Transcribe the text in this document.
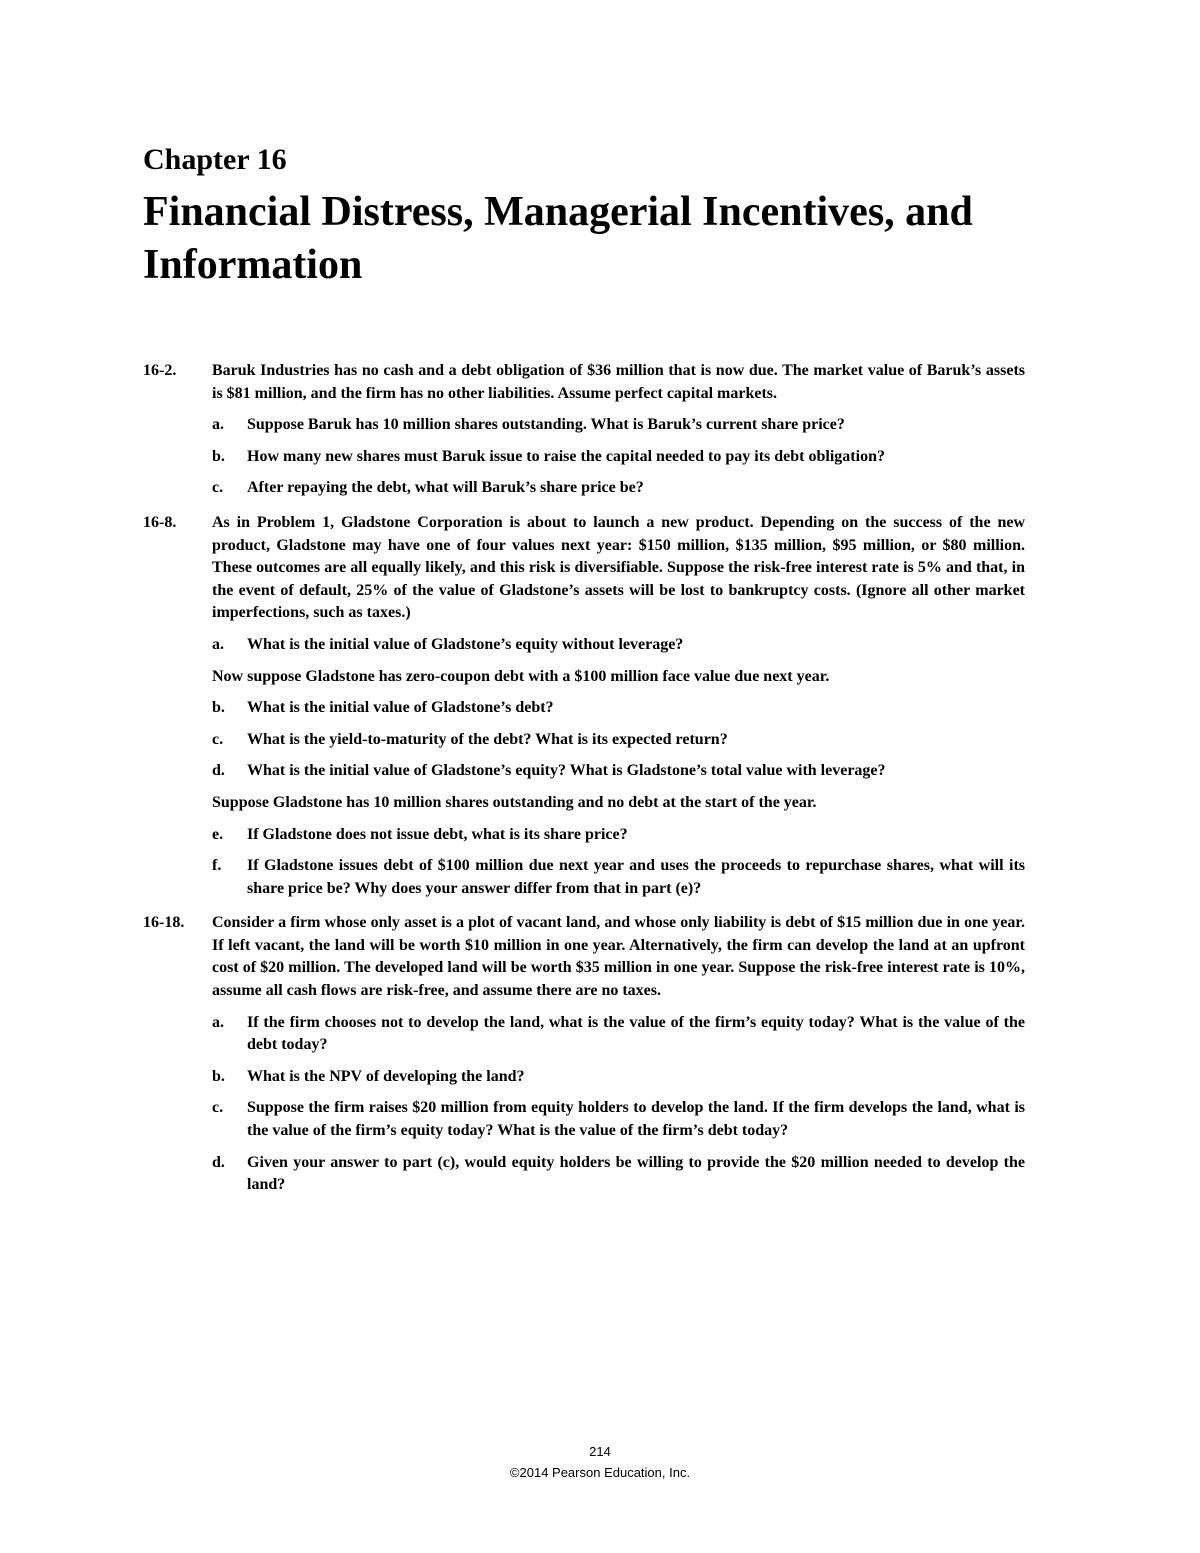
Chapter 16
Financial Distress, Managerial Incentives, and Information
16-2.	Baruk Industries has no cash and a debt obligation of $36 million that is now due. The market value of Baruk’s assets is $81 million, and the firm has no other liabilities. Assume perfect capital markets.
a.	Suppose Baruk has 10 million shares outstanding. What is Baruk’s current share price?
b.	How many new shares must Baruk issue to raise the capital needed to pay its debt obligation?
c.	After repaying the debt, what will Baruk’s share price be?
16-8.	As in Problem 1, Gladstone Corporation is about to launch a new product. Depending on the success of the new product, Gladstone may have one of four values next year: $150 million, $135 million, $95 million, or $80 million. These outcomes are all equally likely, and this risk is diversifiable. Suppose the risk-free interest rate is 5% and that, in the event of default, 25% of the value of Gladstone’s assets will be lost to bankruptcy costs. (Ignore all other market imperfections, such as taxes.)
a.	What is the initial value of Gladstone’s equity without leverage?
Now suppose Gladstone has zero-coupon debt with a $100 million face value due next year.
b.	What is the initial value of Gladstone’s debt?
c.	What is the yield-to-maturity of the debt? What is its expected return?
d.	What is the initial value of Gladstone’s equity? What is Gladstone’s total value with leverage?
Suppose Gladstone has 10 million shares outstanding and no debt at the start of the year.
e.	If Gladstone does not issue debt, what is its share price?
f.	If Gladstone issues debt of $100 million due next year and uses the proceeds to repurchase shares, what will its share price be? Why does your answer differ from that in part (e)?
16-18.	Consider a firm whose only asset is a plot of vacant land, and whose only liability is debt of $15 million due in one year. If left vacant, the land will be worth $10 million in one year. Alternatively, the firm can develop the land at an upfront cost of $20 million. The developed land will be worth $35 million in one year. Suppose the risk-free interest rate is 10%, assume all cash flows are risk-free, and assume there are no taxes.
a.	If the firm chooses not to develop the land, what is the value of the firm’s equity today? What is the value of the debt today?
b.	What is the NPV of developing the land?
c.	Suppose the firm raises $20 million from equity holders to develop the land. If the firm develops the land, what is the value of the firm’s equity today? What is the value of the firm’s debt today?
d.	Given your answer to part (c), would equity holders be willing to provide the $20 million needed to develop the land?
214
©2014 Pearson Education, Inc.
